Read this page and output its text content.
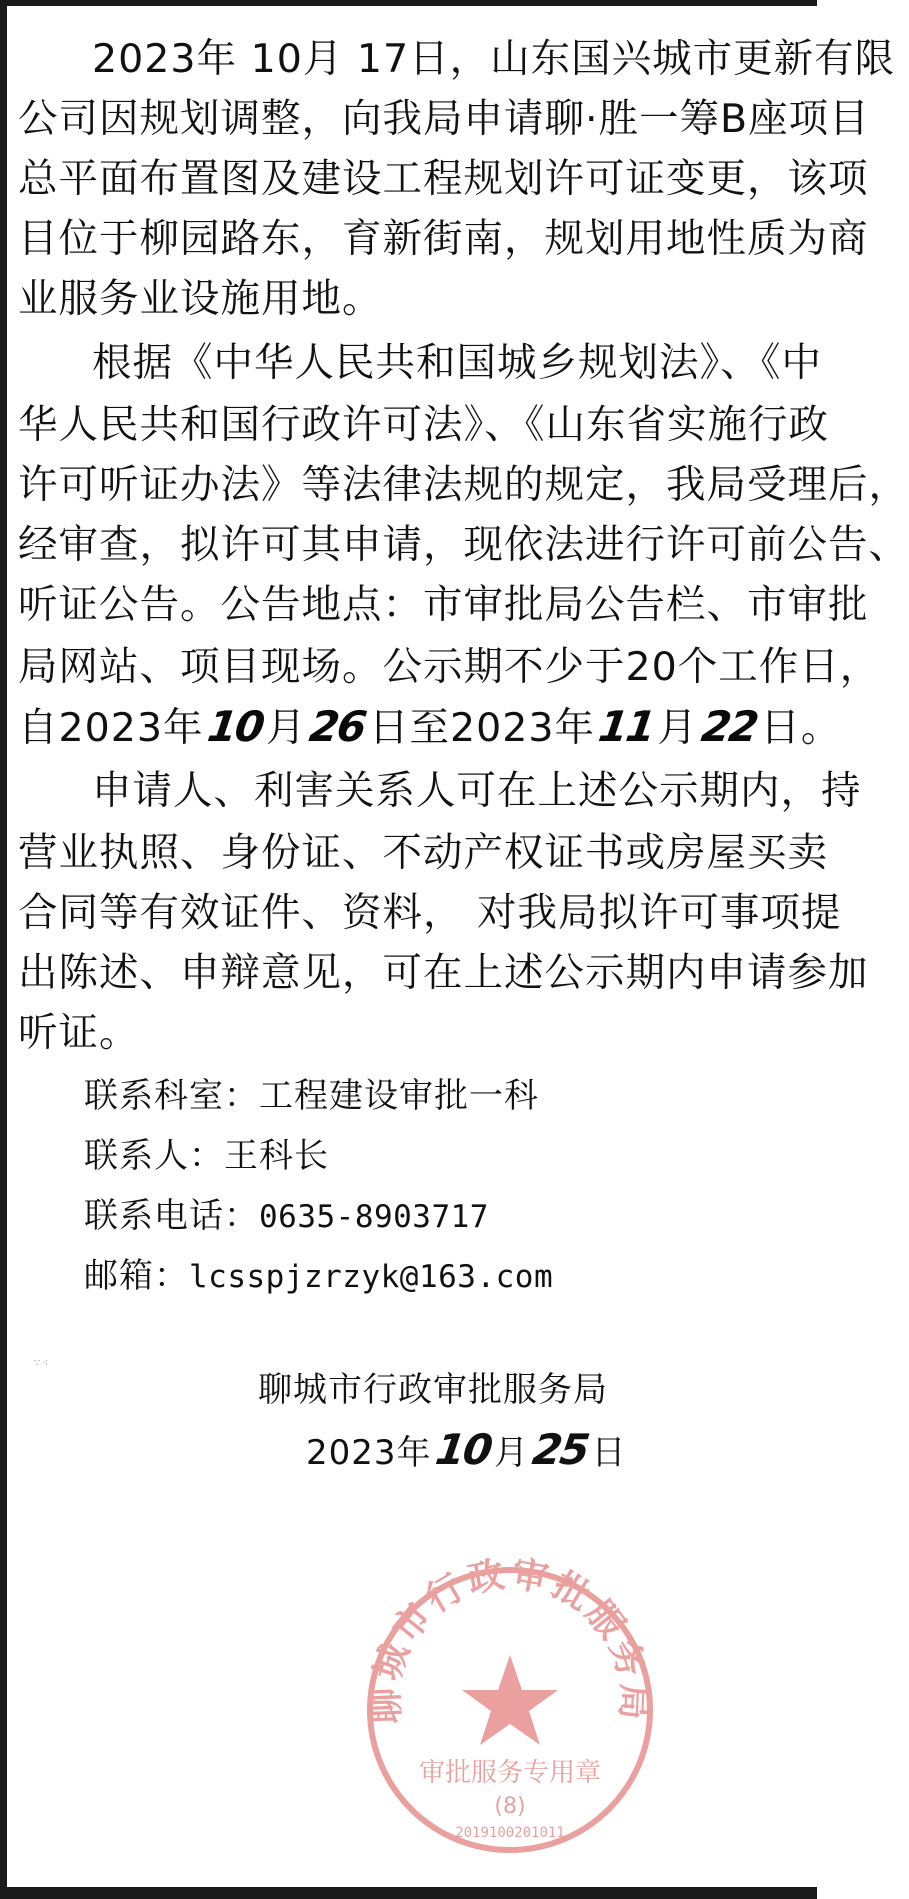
2023年 10月 17日，山东国兴城市更新有限
公司因规划调整，向我局申请聊·胜一筹B座项目
总平面布置图及建设工程规划许可证变更，该项
目位于柳园路东，育新街南，规划用地性质为商
业服务业设施用地。
根据《中华人民共和国城乡规划法》、《中
华人民共和国行政许可法》、《山东省实施行政
许可听证办法》等法律法规的规定，我局受理后，
经审查，拟许可其申请，现依法进行许可前公告、
听证公告。公告地点：市审批局公告栏、市审批
局网站、项目现场。公示期不少于20个工作日，
自2023年10月26日至2023年11月22日。
申请人、利害关系人可在上述公示期内，持
营业执照、身份证、不动产权证书或房屋买卖
合同等有效证件、资料， 对我局拟许可事项提
出陈述、申辩意见，可在上述公示期内申请参加
听证。
联系科室：工程建设审批一科
联系人：王科长
联系电话：0635-8903717
邮箱：lcsspjzrzyk@163.com
∵⁖
聊城市行政审批服务局
审批服务专用章
(8)
2019100201011
聊城市行政审批服务局
2023年10月25日
